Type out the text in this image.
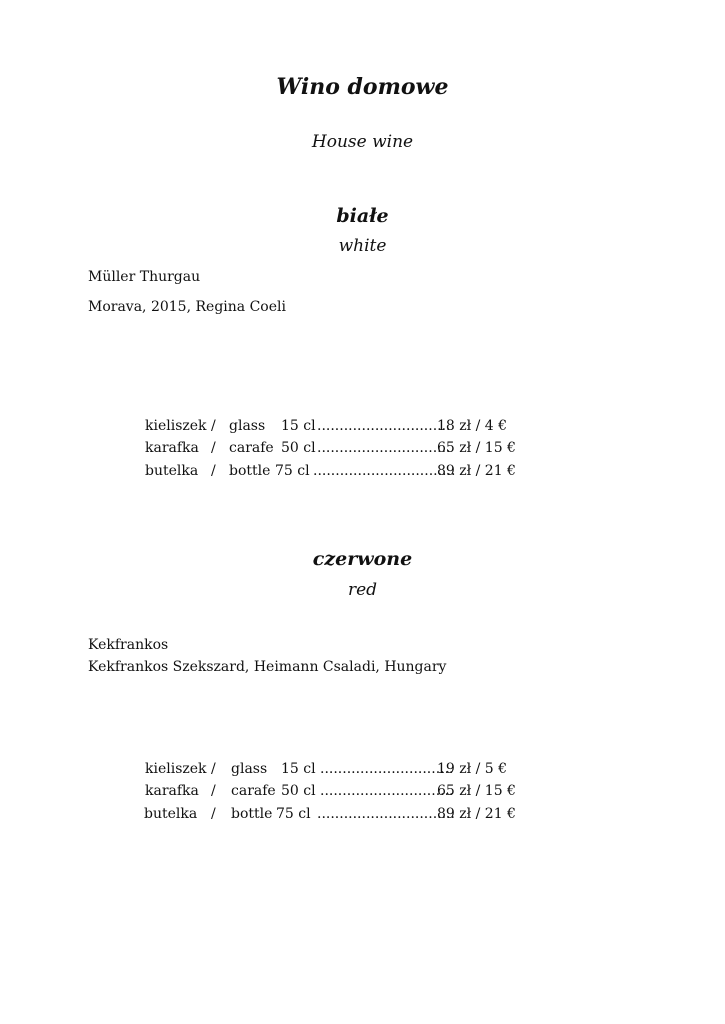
Wino domowe
House wine
białe
white
Müller Thurgau
Morava, 2015, Regina Coeli
kieliszek / glass 15 cl ..............................
18 zł / 4 €
karafka / carafe 50 cl ..............................
65 zł / 15 €
butelka / bottle 75 cl ................................
89 zł / 21 €
czerwone
red
Kekfrankos
Kekfrankos Szekszard, Heimann Csaladi, Hungary
kieliszek / glass 15 cl ..............................
19 zł / 5 €
karafka / carafe 50 cl ..............................
65 zł / 15 €
butelka / bottle 75 cl ...............................
89 zł / 21 €
